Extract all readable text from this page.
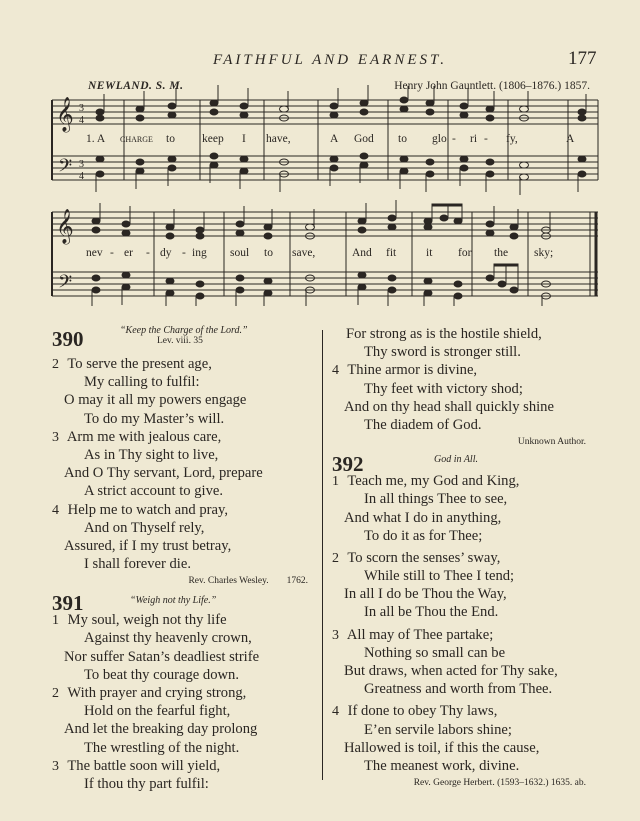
FAITHFUL AND EARNEST.	177
NEWLAND. S. M.	Henry John Gauntlett. (1806–1876.) 1857.
𝄞
𝄢
3
4
3
4
𝄞
𝄢
1. A charge to keep I have,	A God to glo - ri - fy,	A
nev - er - dy - ing soul to save,	And fit	it for the sky;
390	“Keep the Charge of the Lord.”
Lev. viii. 35
2 To serve the present age,
My calling to fulfil:
O may it all my powers engage
To do my Master’s will.
3 Arm me with jealous care,
As in Thy sight to live,
And O Thy servant, Lord, prepare
A strict account to give.
4 Help me to watch and pray,
And on Thyself rely,
Assured, if I my trust betray,
I shall forever die.
Rev. Charles Wesley. 1762.
391	“Weigh not thy Life.”
1 My soul, weigh not thy life
Against thy heavenly crown,
Nor suffer Satan’s deadliest strife
To beat thy courage down.
2 With prayer and crying strong,
Hold on the fearful fight,
And let the breaking day prolong
The wrestling of the night.
3 The battle soon will yield,
If thou thy part fulfil:
For strong as is the hostile shield,
Thy sword is stronger still.
4 Thine armor is divine,
Thy feet with victory shod;
And on thy head shall quickly shine
The diadem of God.
Unknown Author.
392	God in All.
1 Teach me, my God and King,
In all things Thee to see,
And what I do in anything,
To do it as for Thee;
2 To scorn the senses’ sway,
While still to Thee I tend;
In all I do be Thou the Way,
In all be Thou the End.
3 All may of Thee partake;
Nothing so small can be
But draws, when acted for Thy sake,
Greatness and worth from Thee.
4 If done to obey Thy laws,
E’en servile labors shine;
Hallowed is toil, if this the cause,
The meanest work, divine.
Rev. George Herbert. (1593–1632.) 1635. ab.
